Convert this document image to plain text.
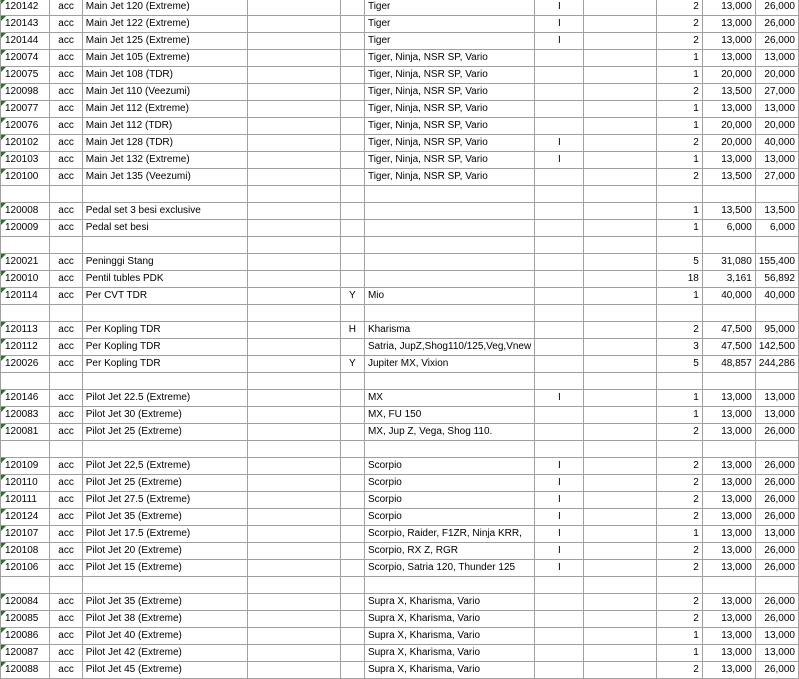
120142	acc	Main Jet 120 (Extreme)			Tiger	I		2	13,000	26,000
120143	acc	Main Jet 122 (Extreme)			Tiger	I		2	13,000	26,000
120144	acc	Main Jet 125 (Extreme)			Tiger	I		2	13,000	26,000
120074	acc	Main Jet 105 (Extreme)			Tiger, Ninja, NSR SP, Vario			1	13,000	13,000
120075	acc	Main Jet 108 (TDR)			Tiger, Ninja, NSR SP, Vario			1	20,000	20,000
120098	acc	Main Jet 110 (Veezumi)			Tiger, Ninja, NSR SP, Vario			2	13,500	27,000
120077	acc	Main Jet 112 (Extreme)			Tiger, Ninja, NSR SP, Vario			1	13,000	13,000
120076	acc	Main Jet 112 (TDR)			Tiger, Ninja, NSR SP, Vario			1	20,000	20,000
120102	acc	Main Jet 128 (TDR)			Tiger, Ninja, NSR SP, Vario	I		2	20,000	40,000
120103	acc	Main Jet 132 (Extreme)			Tiger, Ninja, NSR SP, Vario	I		1	13,000	13,000
120100	acc	Main Jet 135 (Veezumi)			Tiger, Ninja, NSR SP, Vario			2	13,500	27,000

120008	acc	Pedal set 3 besi exclusive						1	13,500	13,500
120009	acc	Pedal set besi						1	6,000	6,000

120021	acc	Peninggi Stang						5	31,080	155,400
120010	acc	Pentil tubles PDK						18	3,161	56,892
120114	acc	Per CVT TDR		Y	Mio			1	40,000	40,000

120113	acc	Per Kopling TDR		H	Kharisma			2	47,500	95,000
120112	acc	Per Kopling TDR			Satria, JupZ,Shog110/125,Veg,Vnew			3	47,500	142,500
120026	acc	Per Kopling TDR		Y	Jupiter MX, Vixion			5	48,857	244,286

120146	acc	Pilot Jet 22.5 (Extreme)			MX	I		1	13,000	13,000
120083	acc	Pilot Jet 30 (Extreme)			MX, FU 150			1	13,000	13,000
120081	acc	Pilot Jet 25 (Extreme)			MX, Jup Z, Vega, Shog 110.			2	13,000	26,000

120109	acc	Pilot Jet 22,5 (Extreme)			Scorpio	I		2	13,000	26,000
120110	acc	Pilot Jet 25 (Extreme)			Scorpio	I		2	13,000	26,000
120111	acc	Pilot Jet 27.5 (Extreme)			Scorpio	I		2	13,000	26,000
120124	acc	Pilot Jet 35 (Extreme)			Scorpio	I		2	13,000	26,000
120107	acc	Pilot Jet 17.5 (Extreme)			Scorpio, Raider, F1ZR, Ninja KRR,	I		1	13,000	13,000
120108	acc	Pilot Jet 20 (Extreme)			Scorpio, RX Z, RGR	I		2	13,000	26,000
120106	acc	Pilot Jet 15 (Extreme)			Scorpio, Satria 120, Thunder 125	I		2	13,000	26,000

120084	acc	Pilot Jet 35 (Extreme)			Supra X, Kharisma, Vario			2	13,000	26,000
120085	acc	Pilot Jet 38 (Extreme)			Supra X, Kharisma, Vario			2	13,000	26,000
120086	acc	Pilot Jet 40 (Extreme)			Supra X, Kharisma, Vario			1	13,000	13,000
120087	acc	Pilot Jet 42 (Extreme)			Supra X, Kharisma, Vario			1	13,000	13,000
120088	acc	Pilot Jet 45 (Extreme)			Supra X, Kharisma, Vario			2	13,000	26,000
